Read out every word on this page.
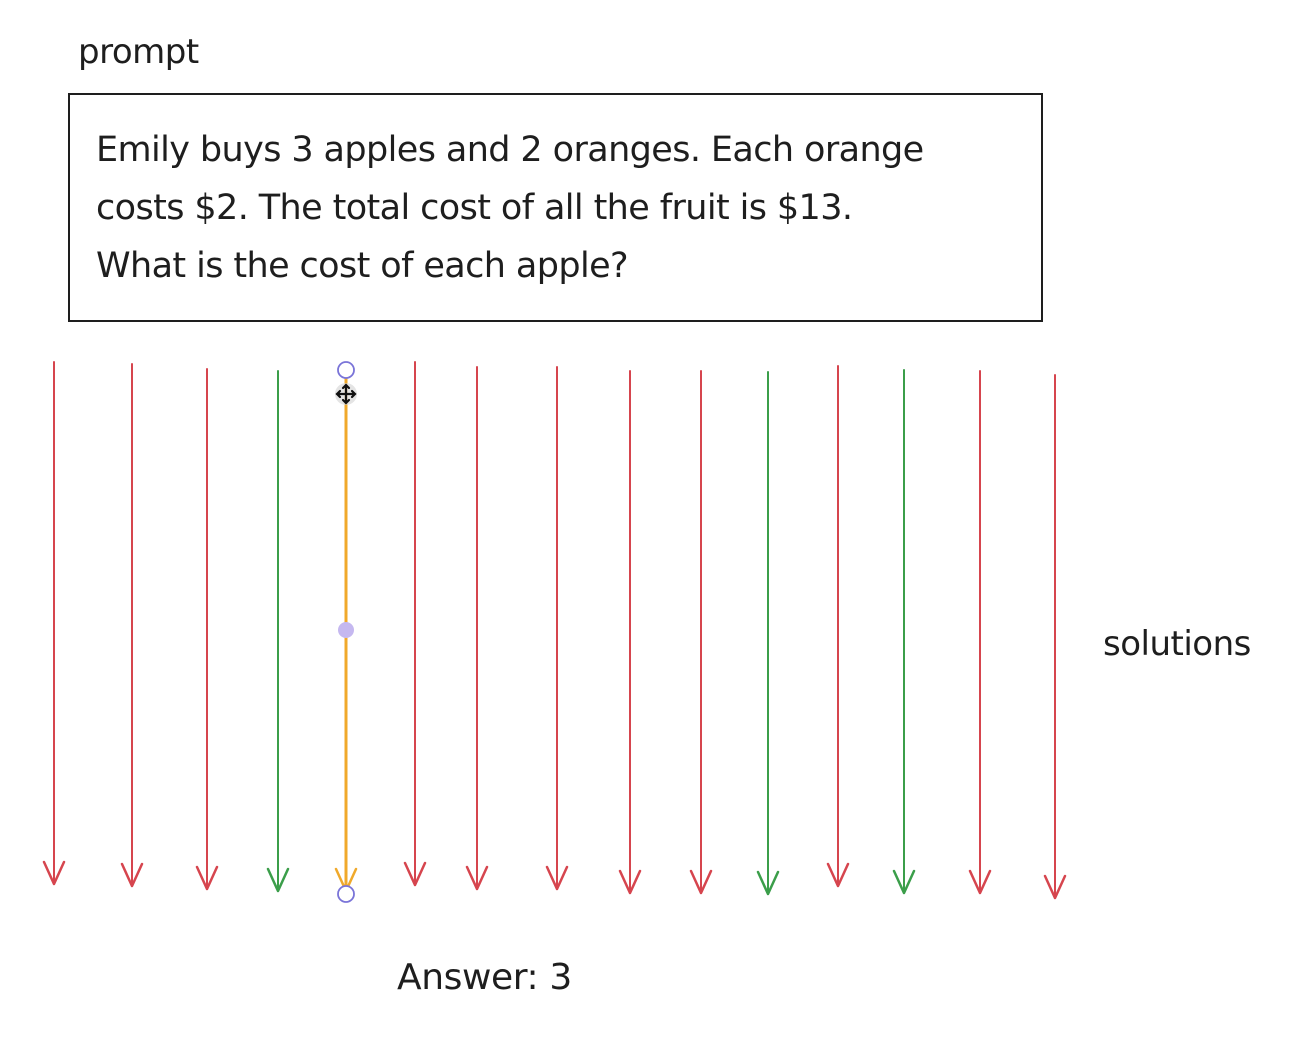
prompt

Emily buys 3 apples and 2 oranges. Each orange
costs $2. The total cost of all the fruit is $13.
What is the cost of each apple?

solutions
Answer: 3
